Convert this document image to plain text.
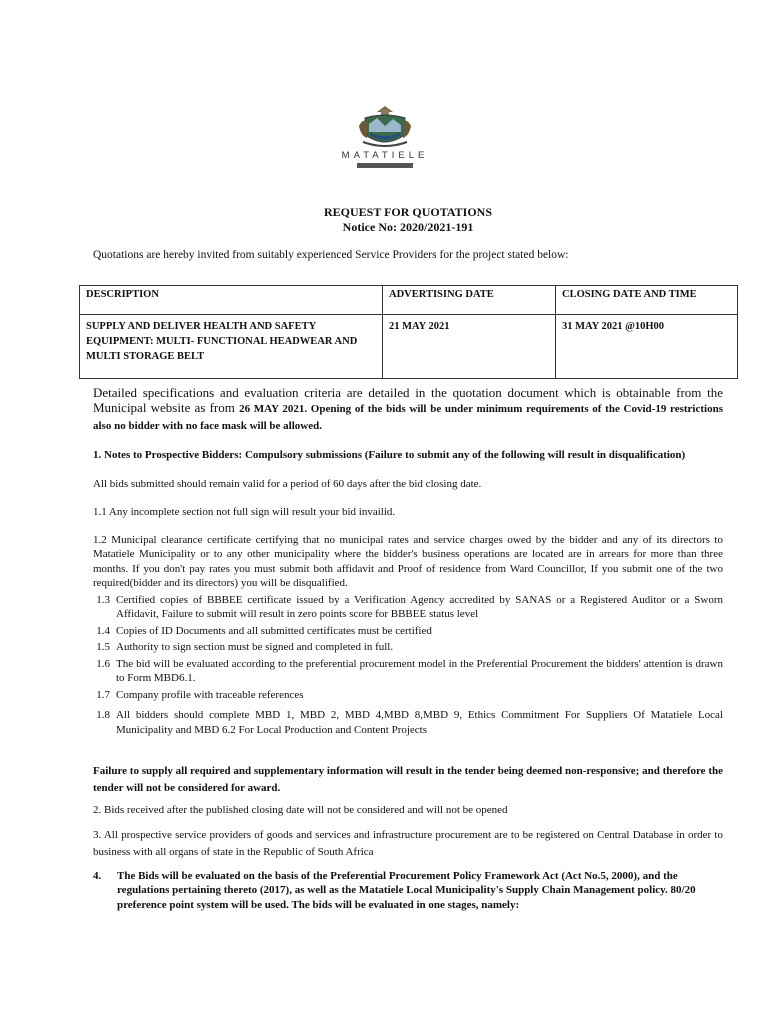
MATATIELE
REQUEST FOR QUOTATIONS
Notice No: 2020/2021-191
Quotations are hereby invited from suitably experienced Service Providers for the project stated below:
DESCRIPTION	ADVERTISING DATE	CLOSING DATE AND TIME
SUPPLY AND DELIVER HEALTH AND SAFETY EQUIPMENT: MULTI- FUNCTIONAL HEADWEAR AND MULTI STORAGE BELT	21 MAY 2021	31 MAY 2021 @10H00

Detailed specifications and evaluation criteria are detailed in the quotation document which is obtainable from the Municipal website as from 26 MAY 2021. Opening of the bids will be under minimum requirements of the Covid-19 restrictions also no bidder with no face mask will be allowed.

1. Notes to Prospective Bidders: Compulsory submissions (Failure to submit any of the following will result in disqualification)

All bids submitted should remain valid for a period of 60 days after the bid closing date.

1.1 Any incomplete section not full sign will result your bid invailid.

1.2 Municipal clearance certificate certifying that no municipal rates and service charges owed by the bidder and any of its directors to Matatiele Municipality or to any other municipality where the bidder's business operations are located are in arrears for more than three months. If you don't pay rates you must submit both affidavit and Proof of residence from Ward Councillor, If you submit one of the two required(bidder and its directors) you will be disqualified.

1.3 Certified copies of BBBEE certificate issued by a Verification Agency accredited by SANAS or a Registered Auditor or a Sworn Affidavit, Failure to submit will result in zero points score for BBBEE status level
1.4 Copies of ID Documents and all submitted certificates must be certified
1.5 Authority to sign section must be signed and completed in full.
1.6 The bid will be evaluated according to the preferential procurement model in the Preferential Procurement the bidders' attention is drawn to Form MBD6.1.
1.7 Company profile with traceable references
1.8 All bidders should complete MBD 1, MBD 2, MBD 4,MBD 8,MBD 9, Ethics Commitment For Suppliers Of Matatiele Local Municipality and MBD 6.2 For Local Production and Content Projects

Failure to supply all required and supplementary information will result in the tender being deemed non-responsive; and therefore the tender will not be considered for award.

2. Bids received after the published closing date will not be considered and will not be opened

3. All prospective service providers of goods and services and infrastructure procurement are to be registered on Central Database in order to business with all organs of state in the Republic of South Africa

4.	The Bids will be evaluated on the basis of the Preferential Procurement Policy Framework Act (Act No.5, 2000), and the regulations pertaining thereto (2017), as well as the Matatiele Local Municipality's Supply Chain Management policy. 80/20 preference point system will be used. The bids will be evaluated in one stages, namely:
